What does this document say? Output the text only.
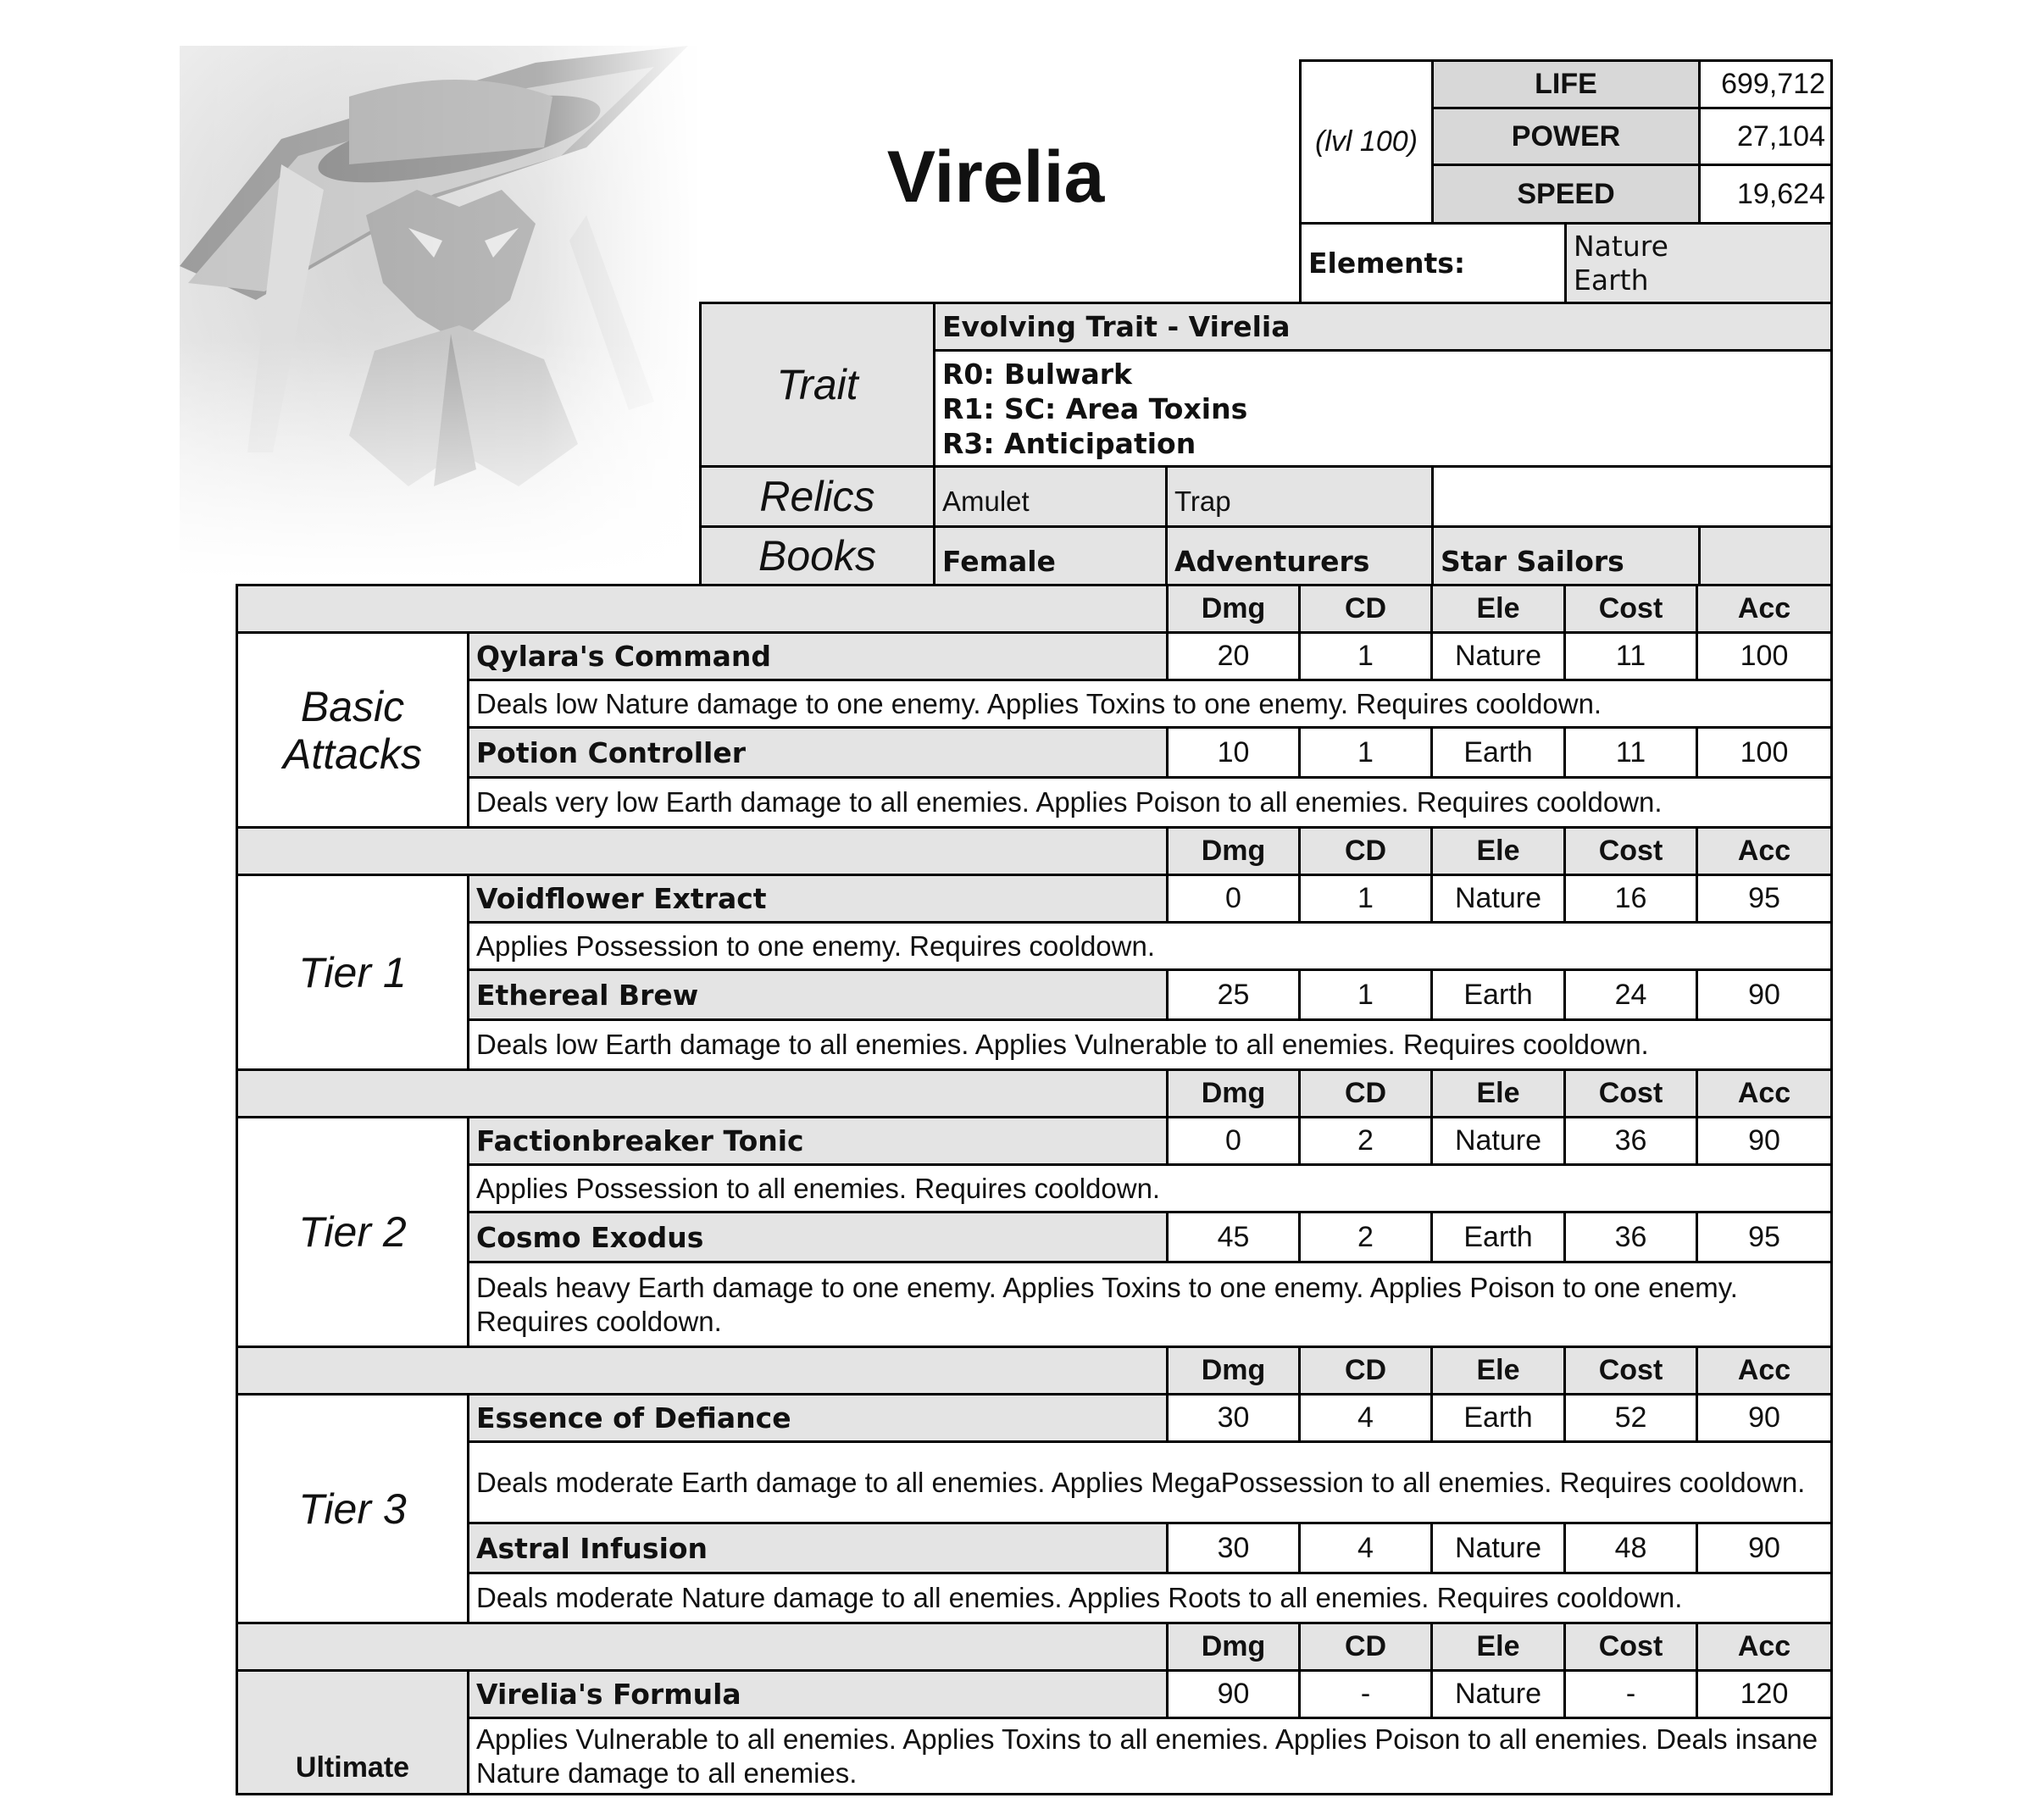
Virelia	(lvl 100)
LIFE	699,712
POWER	27,104
SPEED	19,624
Elements:
Nature
Earth
Trait
Evolving Trait - Virelia
R0: Bulwark
R1: SC: Area Toxins
R3: Anticipation
Relics	Amulet	Trap
Books	Female	Adventurers	Star Sailors
Dmg	CD	Ele	Cost	Acc
Basic Attacks
Qylara's Command	20	1	Nature	11	100
Deals low Nature damage to one enemy. Applies Toxins to one enemy. Requires cooldown.
Potion Controller	10	1	Earth	11	100
Deals very low Earth damage to all enemies. Applies Poison to all enemies. Requires cooldown.
Dmg	CD	Ele	Cost	Acc
Tier 1
Voidflower Extract	0	1	Nature	16	95
Applies Possession to one enemy. Requires cooldown.
Ethereal Brew	25	1	Earth	24	90
Deals low Earth damage to all enemies. Applies Vulnerable to all enemies. Requires cooldown.
Dmg	CD	Ele	Cost	Acc
Tier 2
Factionbreaker Tonic	0	2	Nature	36	90
Applies Possession to all enemies. Requires cooldown.
Cosmo Exodus	45	2	Earth	36	95
Deals heavy Earth damage to one enemy. Applies Toxins to one enemy. Applies Poison to one enemy. Requires cooldown.
Dmg	CD	Ele	Cost	Acc
Tier 3
Essence of Defiance	30	4	Earth	52	90
Deals moderate Earth damage to all enemies. Applies MegaPossession to all enemies. Requires cooldown.
Astral Infusion	30	4	Nature	48	90
Deals moderate Nature damage to all enemies. Applies Roots to all enemies. Requires cooldown.
Dmg	CD	Ele	Cost	Acc
Ultimate
Virelia's Formula	90	-	Nature	-	120
Applies Vulnerable to all enemies. Applies Toxins to all enemies. Applies Poison to all enemies. Deals insane Nature damage to all enemies.
